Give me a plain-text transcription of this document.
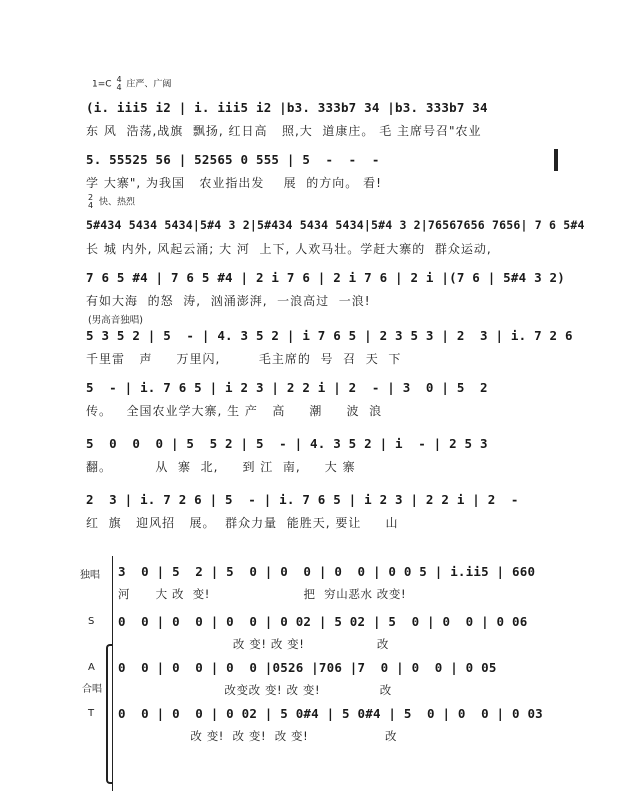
1=C 4
4 庄严、广阔
(i. iii5 i2 | i. iii5 i2 |b3. 333b7 34 |b3. 333b7 34
东 风  浩荡,战旗  飘扬, 红日高   照,大  道康庄。 毛 主席号召"农业
5. 55525 56 | 52565 0 555 | 5  -  -  -
学 大寨", 为我国   农业指出发    展  的方向。 看!
2
4 快、热烈
5#434 5434 5434|5#4 3 2|5#434 5434 5434|5#4 3 2|76567656 7656| 7 6 5#4
长 城 内外, 风起云涌; 大 河  上下, 人欢马壮。学赶大寨的  群众运动,
7 6 5 #4 | 7 6 5 #4 | 2 i 7 6 | 2 i 7 6 | 2 i |(7 6 | 5#4 3 2)
有如大海  的怒  涛,  汹涌澎湃,  一浪高过  一浪!
(男高音独唱)
5 3 5 2 | 5  - | 4. 3 5 2 | i 7 6 5 | 2 3 5 3 | 2  3 | i. 7 2 6
千里雷   声     万里闪,        毛主席的  号  召  天  下
5  - | i. 7 6 5 | i 2 3 | 2 2 i | 2  - | 3  0 | 5  2
传。   全国农业学大寨, 生 产   高     潮     波  浪
5  0  0  0 | 5  5 2 | 5  - | 4. 3 5 2 | i  - | 2 5 3
翻。         从  寨  北,     到 江  南,     大 寨
2  3 | i. 7 2 6 | 5  - | i. 7 6 5 | i 2 3 | 2 2 i | 2  -
红  旗   迎风招   展。  群众力量  能胜天, 要让     山
独唱 3  0 | 5  2 | 5  0 | 0  0 | 0  0 | 0 0 5 | i.ii5 | 660
河      大 改  变!                      把  穷山恶水 改变!
S 0  0 | 0  0 | 0  0 | 0 02 | 5 02 | 5  0 | 0  0 | 0 06
改 变! 改 变!                 改
A
合唱
0  0 | 0  0 | 0  0 |0526 |706 |7  0 | 0  0 | 0 05
改变改 变! 改 变!              改
T 0  0 | 0  0 | 0 02 | 5 0#4 | 5 0#4 | 5  0 | 0  0 | 0 03
改 变!  改 变!  改 变!                  改
